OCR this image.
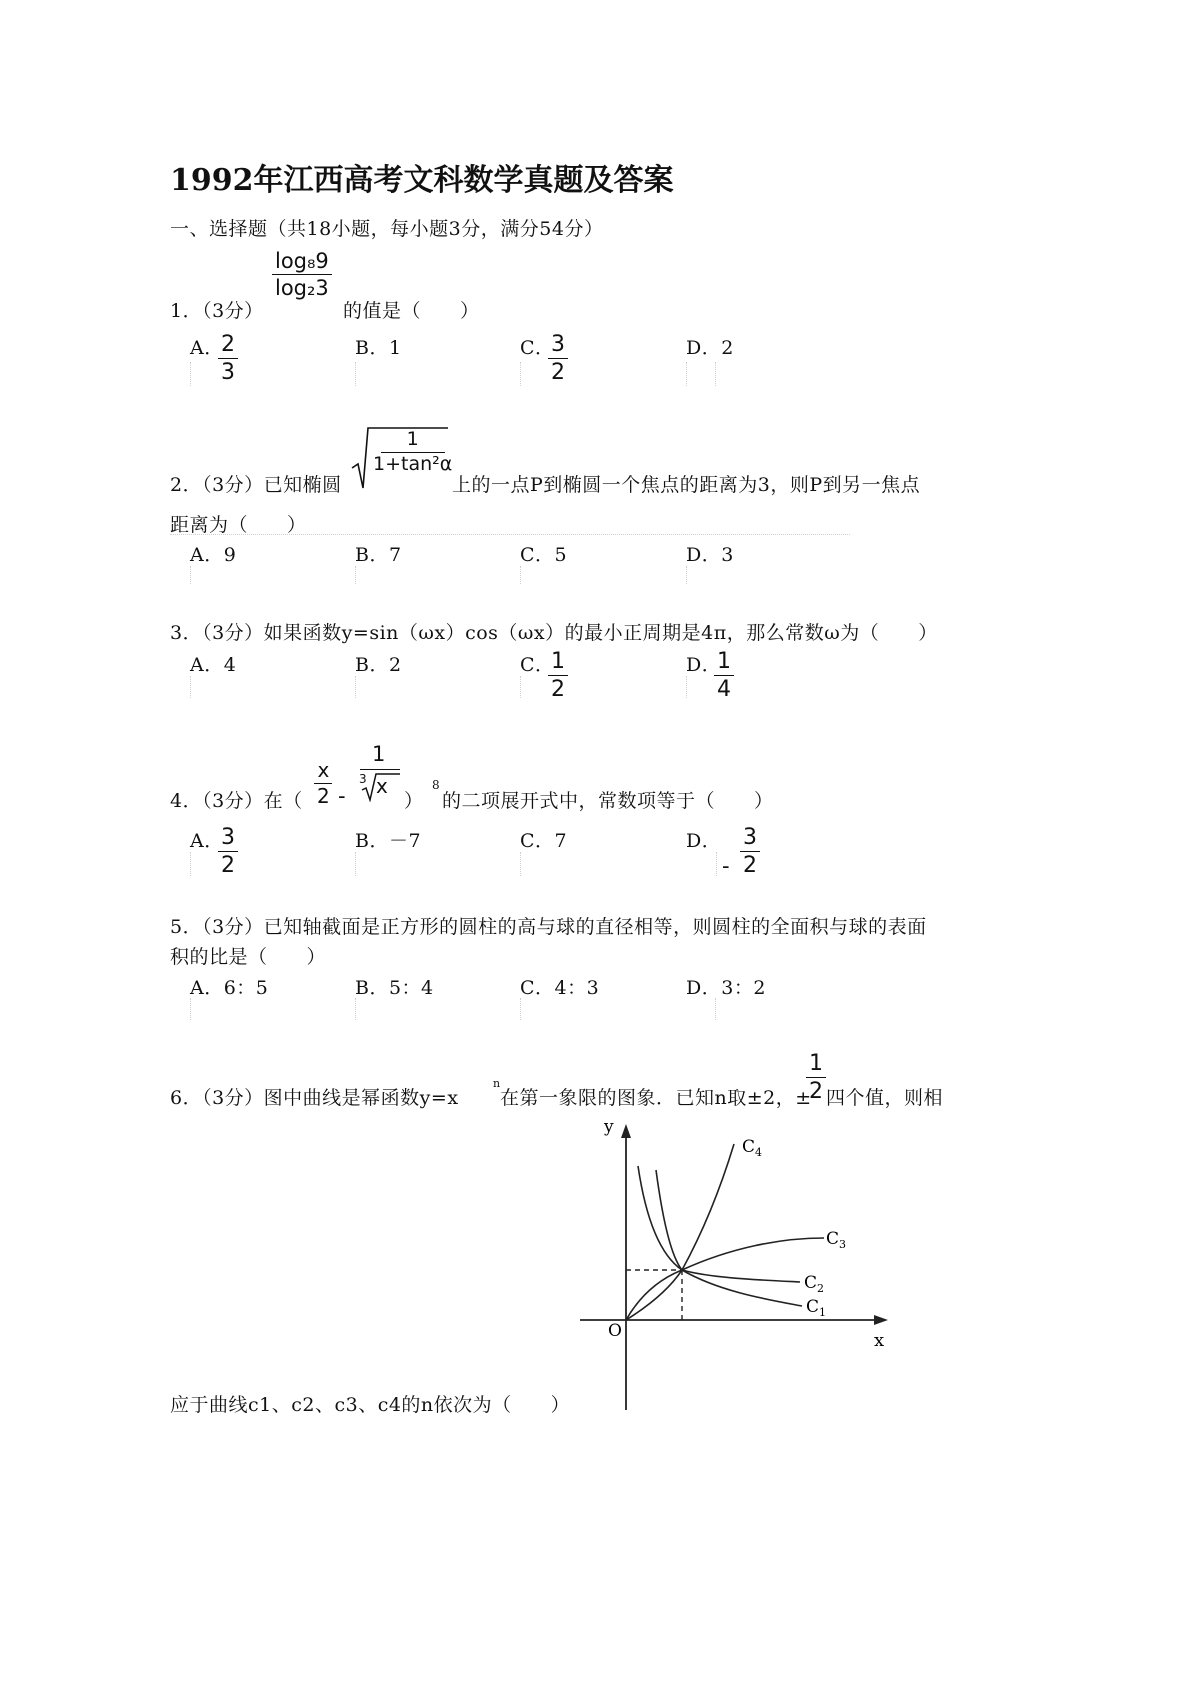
1992年江西高考文科数学真题及答案
一、选择题（共18小题，每小题3分，满分54分）
1．（3分）
$\frac{\text{log₈9}}{\text{log₂3}}$
的值是（　　）
A．
$\frac{2}{3}$	B．1	C．
$\frac{3}{2}$	D．2
2．（3分）已知椭圆
$\frac{1}{\text{1+tan²α}}$
上的一点P到椭圆一个焦点的距离为3，则P到另一焦点
距离为（　　）
A．9	B．7	C．5	D．3
3．（3分）如果函数y=sin（ωx）cos（ωx）的最小正周期是4π，那么常数ω为（　　）
A．4	B．2	C．
$\frac{1}{2}$	D．
$\frac{1}{4}$
4．（3分）在（ $\frac{x}{2}$ -
1
3 x
）
8
的二项展开式中，常数项等于（　　）
A．
$\frac{3}{2}$	B．－7	C．7	D．
- $\frac{3}{2}$
5．（3分）已知轴截面是正方形的圆柱的高与球的直径相等，则圆柱的全面积与球的表面
积的比是（　　）
A．6：5	B．5：4	C．4：3	D．3：2
6．（3分）图中曲线是幂函数y=x
n
在第一象限的图象．已知n取±2，±
$\frac{1}{2}$ 四个值，则相
y
x
O
$C_1$
$C_2$
$C_3$
$C_4$
应于曲线c1、c2、c3、c4的n依次为（　　）
